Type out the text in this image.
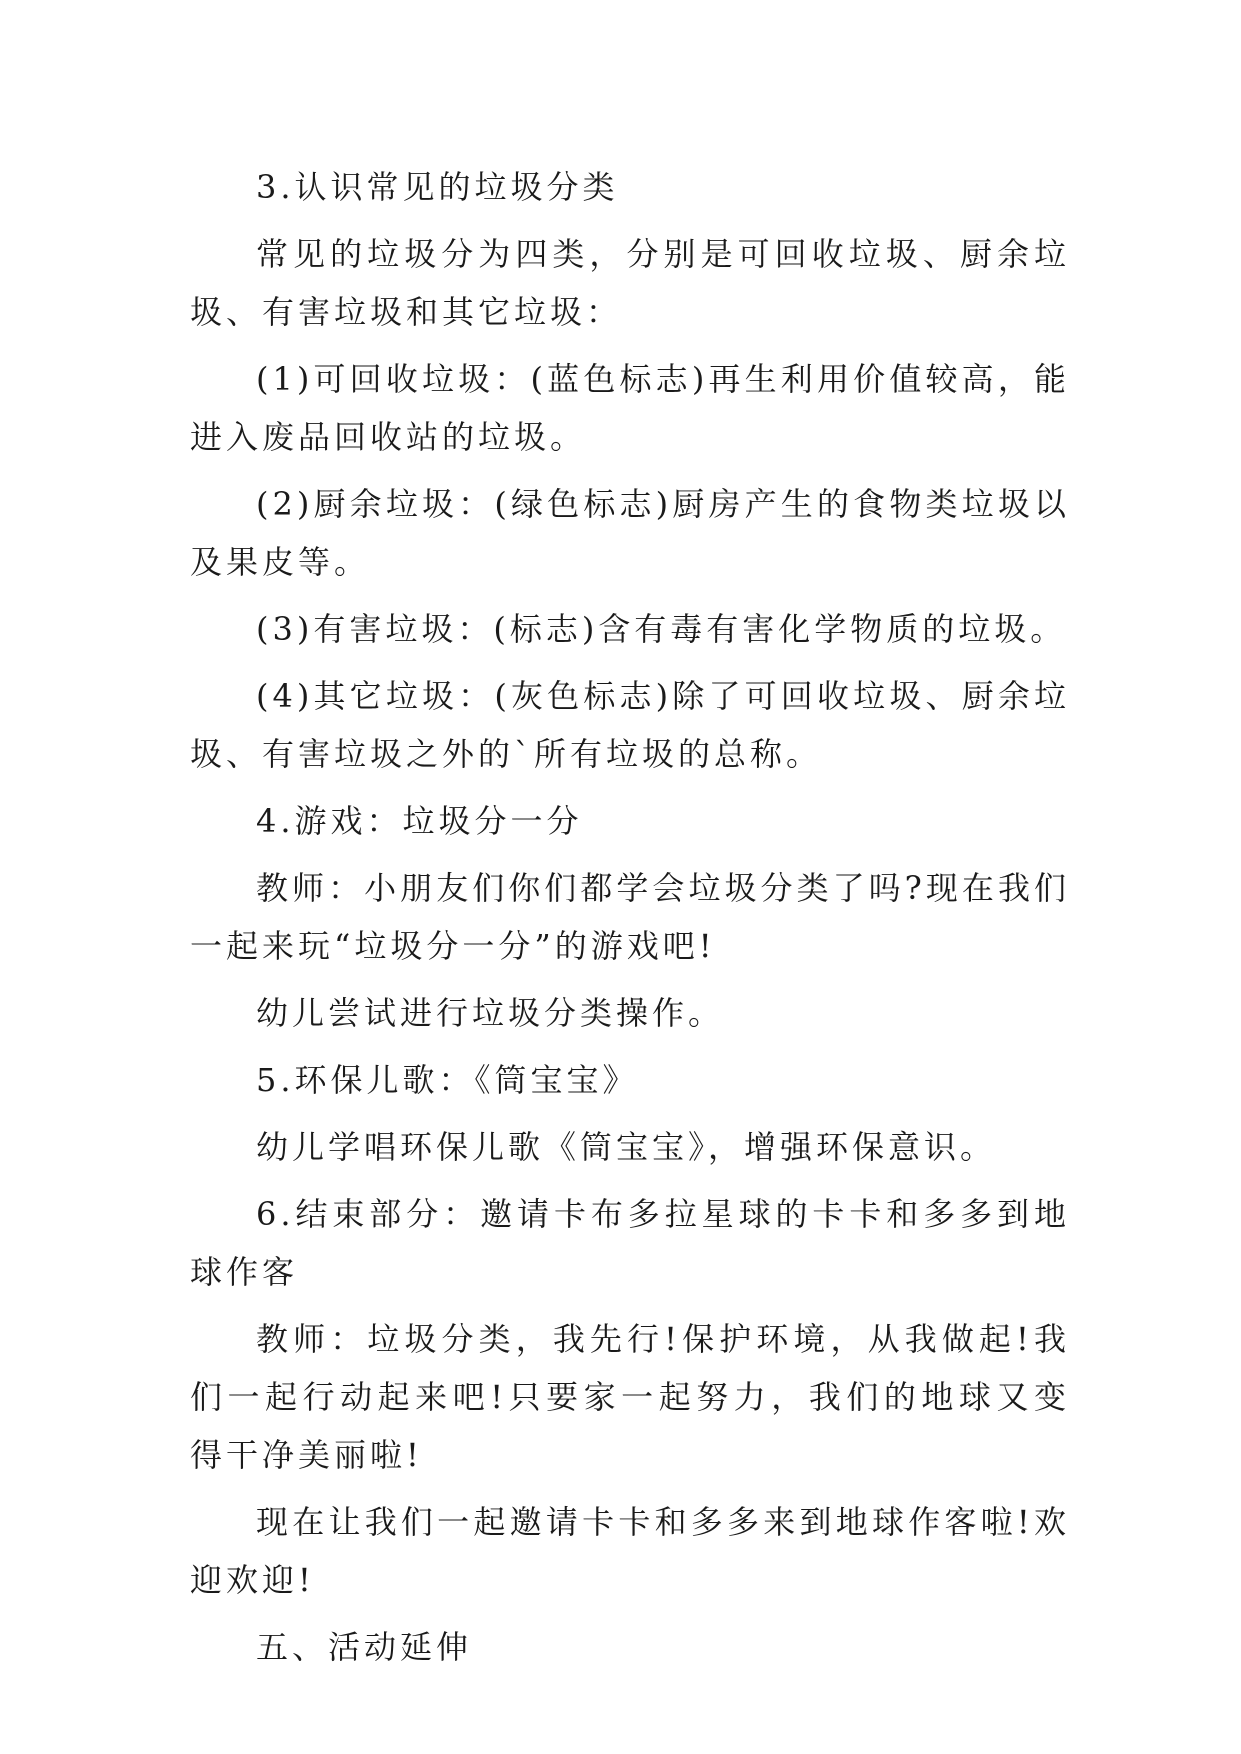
3.认识常见的垃圾分类

常见的垃圾分为四类，分别是可回收垃圾、厨余垃圾、有害垃圾和其它垃圾：

(1)可回收垃圾：(蓝色标志)再生利用价值较高，能进入废品回收站的垃圾。

(2)厨余垃圾：(绿色标志)厨房产生的食物类垃圾以及果皮等。

(3)有害垃圾：(标志)含有毒有害化学物质的垃圾。

(4)其它垃圾：(灰色标志)除了可回收垃圾、厨余垃圾、有害垃圾之外的`所有垃圾的总称。

4.游戏：垃圾分一分

教师：小朋友们你们都学会垃圾分类了吗?现在我们一起来玩“垃圾分一分”的游戏吧!

幼儿尝试进行垃圾分类操作。

5.环保儿歌：《筒宝宝》

幼儿学唱环保儿歌《筒宝宝》，增强环保意识。

6.结束部分：邀请卡布多拉星球的卡卡和多多到地球作客

教师：垃圾分类，我先行!保护环境，从我做起!我们一起行动起来吧!只要家一起努力，我们的地球又变得干净美丽啦!

现在让我们一起邀请卡卡和多多来到地球作客啦!欢迎欢迎!

五、活动延伸
